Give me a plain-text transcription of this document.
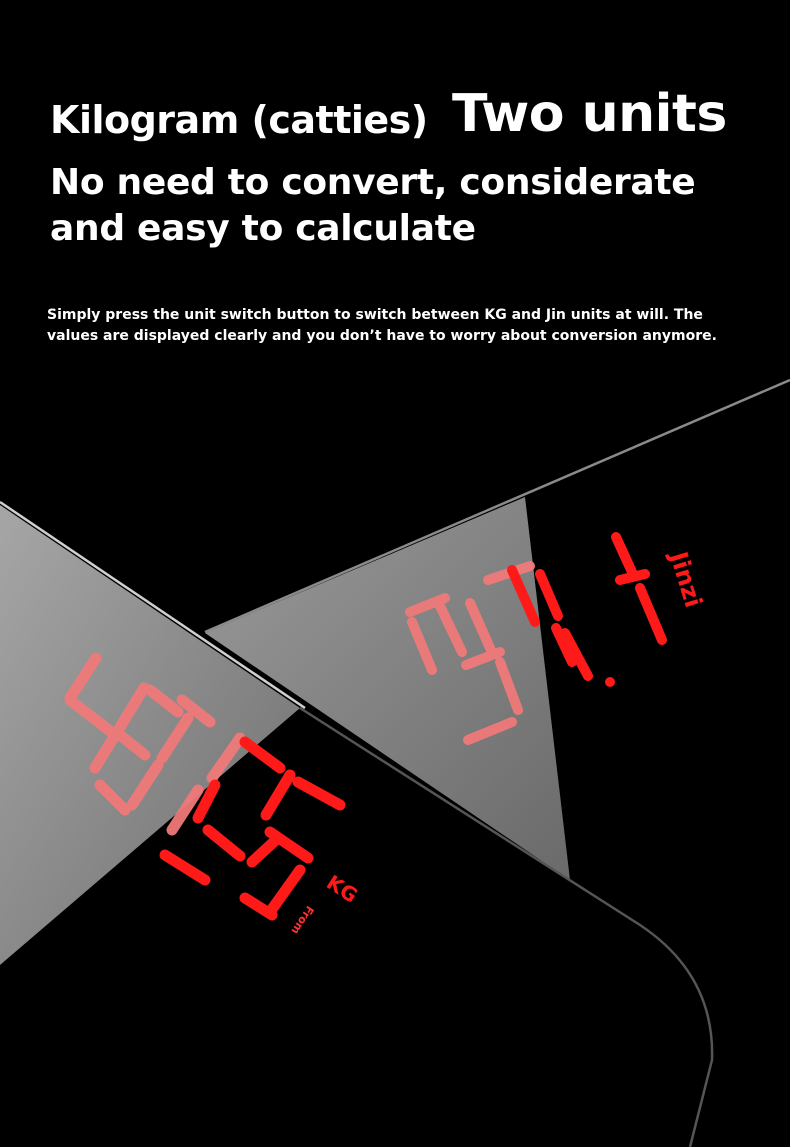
KG
From
Jinzi
Kilogram (catties) Two units
No need to convert, considerate
and easy to calculate
Simply press the unit switch button to switch between KG and Jin units at will. The values are displayed clearly and you don’t have to worry about conversion anymore.
